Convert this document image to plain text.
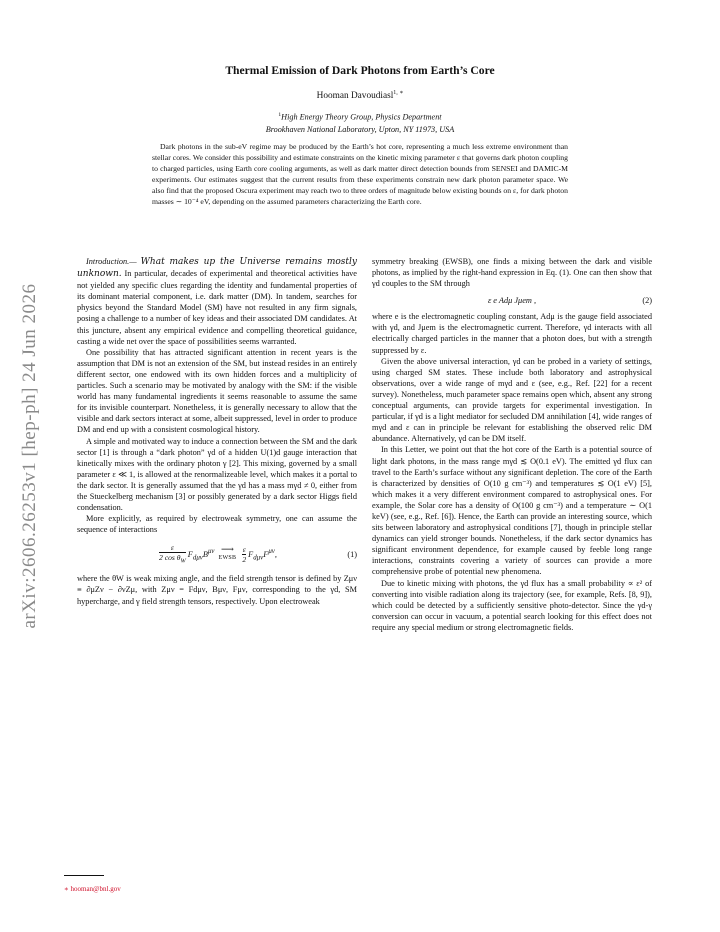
arXiv:2606.26253v1 [hep-ph] 24 Jun 2026
Thermal Emission of Dark Photons from Earth’s Core
Hooman Davoudiasl$^{1, ∗}$
$^1$High Energy Theory Group, Physics Department
Brookhaven National Laboratory, Upton, NY 11973, USA
Dark photons in the sub-eV regime may be produced by the Earth’s hot core, representing a much less extreme environment than stellar cores. We consider this possibility and estimate constraints on the kinetic mixing parameter ε that governs dark photon coupling to charged particles, using Earth core cooling arguments, as well as dark matter direct detection bounds from SENSEI and DAMIC-M experiments. Our estimates suggest that the current results from these experiments constrain new dark photon parameter space. We also find that the proposed Oscura experiment may reach two to three orders of magnitude below existing bounds on ε, for dark photon masses ∼ 10⁻⁴ eV, depending on the assumed parameters characterizing the Earth core.

Introduction.— What makes up the Universe remains mostly unknown. In particular, decades of experimental and theoretical activities have not yielded any specific clues regarding the identity and fundamental properties of its dominant material component, i.e. dark matter (DM). In tandem, searches for physics beyond the Standard Model (SM) have not resulted in any firm signals, posing a challenge to a number of key ideas and their associated DM candidates. At this juncture, absent any empirical evidence and compelling theoretical guidance, casting a wide net over the space of possibilities seems warranted.

One possibility that has attracted significant attention in recent years is the assumption that DM is not an extension of the SM, but instead resides in an entirely different sector, one endowed with its own hidden forces and a multiplicity of particles. Such a scenario may be motivated by analogy with the SM: if the visible world has many fundamental ingredients it seems reasonable to assume the same for its invisible counterpart. Nonetheless, it is generally necessary to allow that the visible and dark sectors interact at some, albeit suppressed, level in order to produce DM and end up with a consistent cosmological history.

A simple and motivated way to induce a connection between the SM and the dark sector [1] is through a “dark photon” γd of a hidden U(1)d gauge interaction that kinetically mixes with the ordinary photon γ [2]. This mixing, governed by a small parameter ε ≪ 1, is allowed at the renormalizeable level, which makes it a portal to the dark sector. It is generally assumed that the γd has a mass mγd ≠ 0, either from the Stueckelberg mechanism [3] or possibly generated by a dark sector Higgs field condensation.

More explicitly, as required by electroweak symmetry, one can assume the sequence of interactions

$\frac{\varepsilon}{2 \cos \theta_W} F_{d\mu\nu}B^{\mu\nu}$ ⟶
EWSB $\frac{\varepsilon}{2} F_{d\mu\nu}F^{\mu\nu}$,	(1)

where the θW is weak mixing angle, and the field strength tensor is defined by Zμν ≡ ∂μZν − ∂νZμ, with Zμν = Fdμν, Bμν, Fμν, corresponding to the γd, SM hypercharge, and γ field strength tensors, respectively. Upon electroweak

symmetry breaking (EWSB), one finds a mixing between the dark and visible photons, as implied by the right-hand expression in Eq. (1). One can then show that γd couples to the SM through

ε e Adμ Jμem ,	(2)

where e is the electromagnetic coupling constant, Adμ is the gauge field associated with γd, and Jμem is the electromagnetic current. Therefore, γd interacts with all electrically charged particles in the manner that a photon does, but with a strength suppressed by ε.

Given the above universal interaction, γd can be probed in a variety of settings, using charged SM states. These include both laboratory and astrophysical observations, over a wide range of mγd and ε (see, e.g., Ref. [22] for a recent survey). Nonetheless, much parameter space remains open which, absent any strong conceptual arguments, can provide targets for experimental investigation. In particular, if γd is a light mediator for secluded DM annihilation [4], wide ranges of mγd and ε can in principle be relevant for establishing the observed relic DM abundance. Alternatively, γd can be DM itself.

In this Letter, we point out that the hot core of the Earth is a potential source of light dark photons, in the mass range mγd ≲ O(0.1 eV). The emitted γd flux can travel to the Earth’s surface without any significant depletion. The core of the Earth is characterized by densities of O(10 g cm⁻³) and temperatures ≲ O(1 eV) [5], which makes it a very different environment compared to astrophysical ones. For example, the Solar core has a density of O(100 g cm⁻³) and a temperature ∼ O(1 keV) (see, e.g., Ref. [6]). Hence, the Earth can provide an interesting source, which sits between laboratory and astrophysical conditions [7], though in principle stellar dynamics can yield stronger bounds. Nonetheless, if the dark sector dynamics has significant environment dependence, for example caused by feeble long range interactions, constraints covering a variety of sources can provide a more comprehensive probe of potential new phenomena.

Due to kinetic mixing with photons, the γd flux has a small probability ∝ ε² of converting into visible radiation along its trajectory (see, for example, Refs. [8, 9]), which could be detected by a sufficiently sensitive photo-detector. Since the γd-γ conversion can occur in vacuum, a potential search looking for this effect does not require any special medium or strong electromagnetic fields.

∗ hooman@bnl.gov
